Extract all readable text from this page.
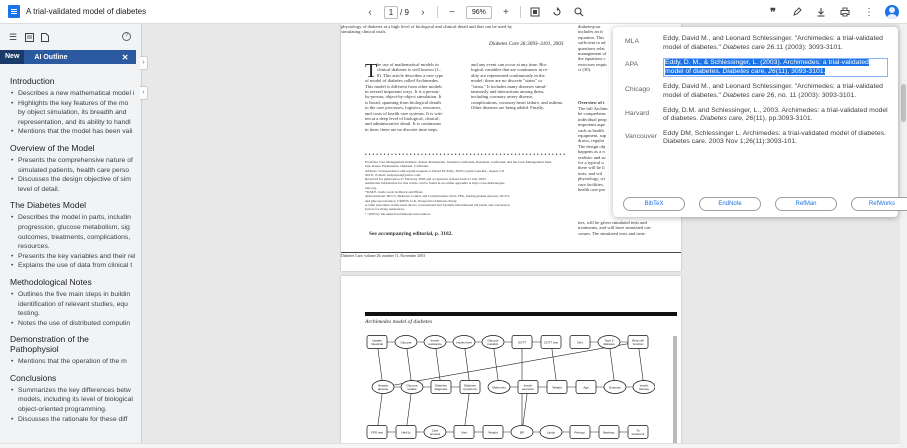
A trial-validated model of diabetes	‹	1 / 9	›	−	96%	+	❞	⋮
☰	?
New	AI Outline	✕
Introduction
• Describes a new mathematical model i
• Highlights the key features of the mo
by object simulation, its breadth and
representation, and its ability to handl
• Mentions that the model has been vali
Overview of the Model
• Presents the comprehensive nature of
simulated patients, health care perso
• Discusses the design objective of sim
level of detail.
The Diabetes Model
• Describes the model in parts, includin
progression, glucose metabolism, sig
outcomes, treatments, complications,
resources.
• Presents the key variables and their rel
• Explains the use of data from clinical t
Methodological Notes
• Outlines the five main steps in buildin
identification of relevant studies, equ
testing.
• Notes the use of distributed computin
Demonstration of the Pathophysiol
• Mentions that the operation of the m
Conclusions
• Summarizes the key differences betw
models, including its level of biological
object-oriented programming.
• Discusses the rationale for these diff
›
‹
physiology of diabetes at a high level of biological and clinical detail and that can be used by
simulating clinical trials.
Diabetes Care 26:3093–3101, 2003
T he use of mathematical models in
clinical diabetes is well known (1–
8). This article describes a new type
of model of diabetes called Archimedes.
This model is different from other models
in several important ways. It is a person-
by-person, object-by-object simulation. It
is broad, spanning from biological details
to the care processes, logistics, resources,
and costs of health care systems. It is writ-
ten at a deep level of biological, clinical,
and administrative detail. It is continuous
in time; there are no discrete time steps.
and any event can occur at any time. Bio-
logical variables that are continuous in re-
ality are represented continuously in the
model; there are no discrete "states" or
"strata." It includes many diseases simul-
taneously and interactions among them,
including coronary artery disease,
complications, coronary heart failure, and asthma.
Other diseases are being added. Finally,
diabetesjour
includes an fr
equation. This
sufficient to ad
questions relat
management of
the equations c
exercises requir
ct (30).
Overview of t
The full Archim
be comprehens
individual peop
important aspe
such as health
equipment, sup
draws, regulat
The design obj
happens as a n
realistic and su
for a typical u
there will be li
tests, and wil
physiology, wi
care facilities,
health care pro
ties, will be given simulated tests and
treatments, and will have simulated out-
comes. The simulated tests and treat-
• • • • • • • • • • • • • • • • • • • • • • • • • • • • • • • • • • • • • • • • • • • • • • • • • • • • • •
From the Care Management Institute, Kaiser Permanente, Southern California, Pasadena, California; and the Care Management Insti-
tute, Kaiser Permanente, Oakland, California.
Address correspondence and reprint requests to David M. Eddy, 3935 Crystal Lake Rd., Aspen, CO
81611. E-mail: eddyaspen@yahoo.com.
Received for publication 27 February 2003 and accepted in revised form 21 July 2003.
Additional information for this article can be found in an online appendix at http://care.diabetesjour-
nals.org.
*D.M.E. holds stock in Merck and Pfizer.
Abbreviations: DCCT, Diabetes Control and Complications Trial; FPG, fasting plasma glucose; OGTT,
and glucose tolerance; UKPDS, U.K. Prospective Diabetes Study.
A table elsewhere in this issue shows conventional and Système International (SI) units and conversion
factors for many substances.
© 2003 by the American Diabetes Association.
See accompanying editorial, p. 3182.
Diabetes Care, volume 26, number 11, November 2003
Archimedes model of diabetes
Uptake
Intestinal	Glucose	Insulin
resistance	Insulin level	Glucose
metabol.	OGTT	OGTT test	Diet	Type 2
diabetes
Beta cell
function
Hepatic
glucose
Glucose
uptake
Diabetes
diagnosis
Diabetes
symptoms	Metformin	Insulin
secretion	Weight	Age	Exercise	Insulin
therapy
FPG test	HbA1c	Care
process	Visit	Weight	BP	Lipids	Retinop.	Nephrop.	To
treatment
MLA	Eddy, David M., and Leonard Schlessinger. "Archimedes: a trial-validated model of diabetes." Diabetes care 26.11 (2003): 3093-3101.
APA	Eddy, D. M., & Schlessinger, L. (2003). Archimedes: a trial-validated model of diabetes. Diabetes care, 26(11), 3093-3101.
Chicago	Eddy, David M., and Leonard Schlessinger. "Archimedes: a trial-validated model of diabetes." Diabetes care 26, no. 11 (2003): 3093-3101.
Harvard	Eddy, D.M. and Schlessinger, L., 2003. Archimedes: a trial-validated model of diabetes. Diabetes care, 26(11), pp.3093-3101.
Vancouver Eddy DM, Schlessinger L. Archimedes: a trial-validated model of diabetes. Diabetes care. 2003 Nov 1;26(11):3093-101.
BibTeX	EndNote	RefMan	RefWorks
